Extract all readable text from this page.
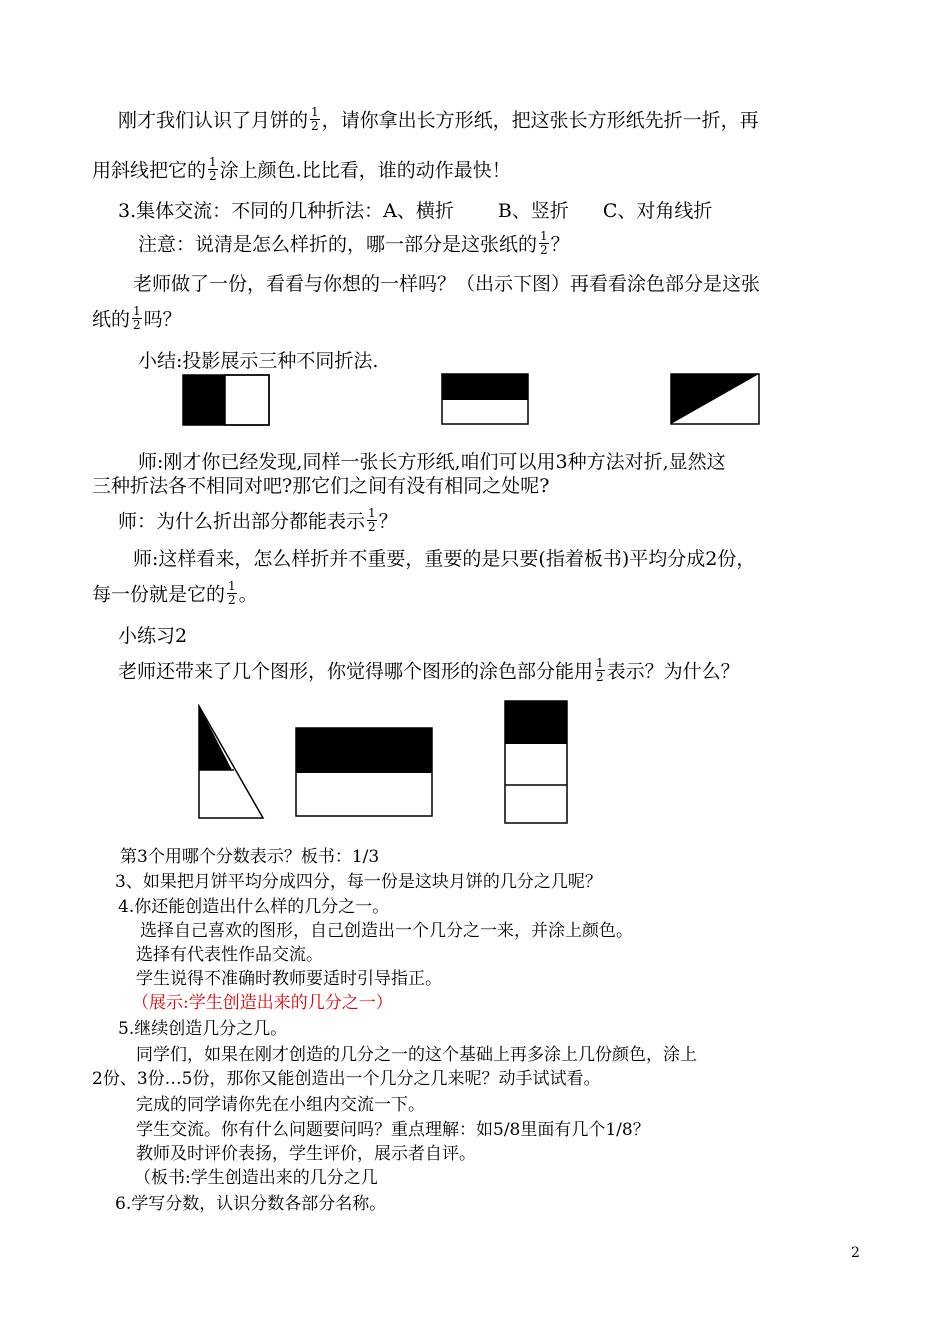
刚才我们认识了月饼的 $\frac{1}{2}$ ，请你拿出长方形纸，把这张长方形纸先折一折，再
用斜线把它的 $\frac{1}{2}$ 涂上颜色.比比看，谁的动作最快！
3.集体交流：不同的几种折法：A、横折 B、竖折 C、对角线折
注意：说清是怎么样折的，哪一部分是这张纸的 $\frac{1}{2}$ ？
老师做了一份，看看与你想的一样吗？（出示下图）再看看涂色部分是这张
纸的 $\frac{1}{2}$ 吗？
小结:投影展示三种不同折法.
师:刚才你已经发现,同样一张长方形纸,咱们可以用3种方法对折,显然这
三种折法各不相同对吧?那它们之间有没有相同之处呢?
师：为什么折出部分都能表示 $\frac{1}{2}$ ？
师:这样看来，怎么样折并不重要，重要的是只要(指着板书)平均分成2份，
每一份就是它的 $\frac{1}{2}$ 。
小练习2
老师还带来了几个图形，你觉得哪个图形的涂色部分能用 $\frac{1}{2}$ 表示？为什么？
第3个用哪个分数表示？板书：1/3
3、如果把月饼平均分成四分，每一份是这块月饼的几分之几呢？
4.你还能创造出什么样的几分之一。
选择自己喜欢的图形，自己创造出一个几分之一来，并涂上颜色。
选择有代表性作品交流。
学生说得不准确时教师要适时引导指正。
（展示:学生创造出来的几分之一）
5.继续创造几分之几。
同学们，如果在刚才创造的几分之一的这个基础上再多涂上几份颜色，涂上
2份、3份…5份，那你又能创造出一个几分之几来呢？动手试试看。
完成的同学请你先在小组内交流一下。
学生交流。你有什么问题要问吗？重点理解：如5/8里面有几个1/8？
教师及时评价表扬，学生评价，展示者自评。
（板书:学生创造出来的几分之几
6.学写分数，认识分数各部分名称。
2
